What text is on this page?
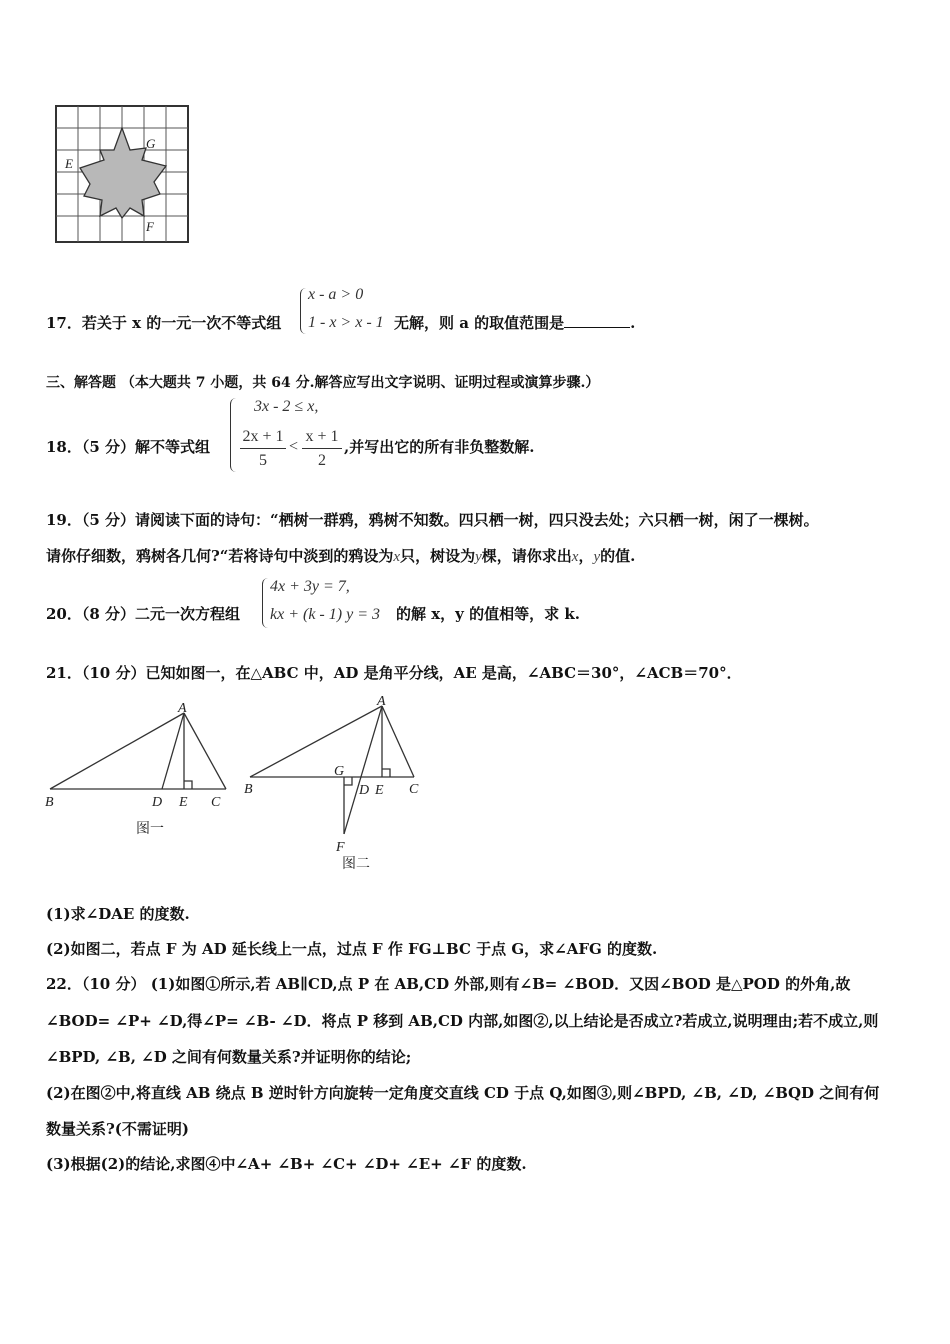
G
E
F
17．若关于 x 的一元一次不等式组
x - a > 0
1 - x > x - 1 无解，则 a 的取值范围是	.
三、解答题 （本大题共 7 小题，共 64 分.解答应写出文字说明、证明过程或演算步骤.）
18．（5 分）解不等式组
3x - 2 ≤ x,
2x + 1
5
<
x + 1
2
,并写出它的所有非负整数解.
19．（5 分）请阅读下面的诗句：“栖树一群鸦，鸦树不知数。四只栖一树，四只没去处；六只栖一树，闲了一棵树。
请你仔细数，鸦树各几何?“若将诗句中淡到的鸦设为x只，树设为y棵，请你求出x，y的值.
20．（8 分）二元一次方程组
4x + 3y = 7,
kx + (k - 1) y = 3 的解 x，y 的值相等，求 k.
21．（10 分）已知如图一，在△ABC 中，AD 是角平分线，AE 是高，∠ABC＝30°，∠ACB＝70°．
A
B	D E C
图一
A
B
G
D E C
F
图二
(1)求∠DAE 的度数.
(2)如图二，若点 F 为 AD 延长线上一点，过点 F 作 FG⊥BC 于点 G，求∠AFG 的度数.
22．（10 分） (1)如图①所示,若 AB∥CD,点 P 在 AB,CD 外部,则有∠B= ∠BOD．又因∠BOD 是△POD 的外角,故
∠BOD= ∠P+ ∠D,得∠P= ∠B- ∠D．将点 P 移到 AB,CD 内部,如图②,以上结论是否成立?若成立,说明理由;若不成立,则
∠BPD, ∠B, ∠D 之间有何数量关系?并证明你的结论;
(2)在图②中,将直线 AB 绕点 B 逆时针方向旋转一定角度交直线 CD 于点 Q,如图③,则∠BPD, ∠B, ∠D, ∠BQD 之间有何
数量关系?(不需证明)
(3)根据(2)的结论,求图④中∠A+ ∠B+ ∠C+ ∠D+ ∠E+ ∠F 的度数.
